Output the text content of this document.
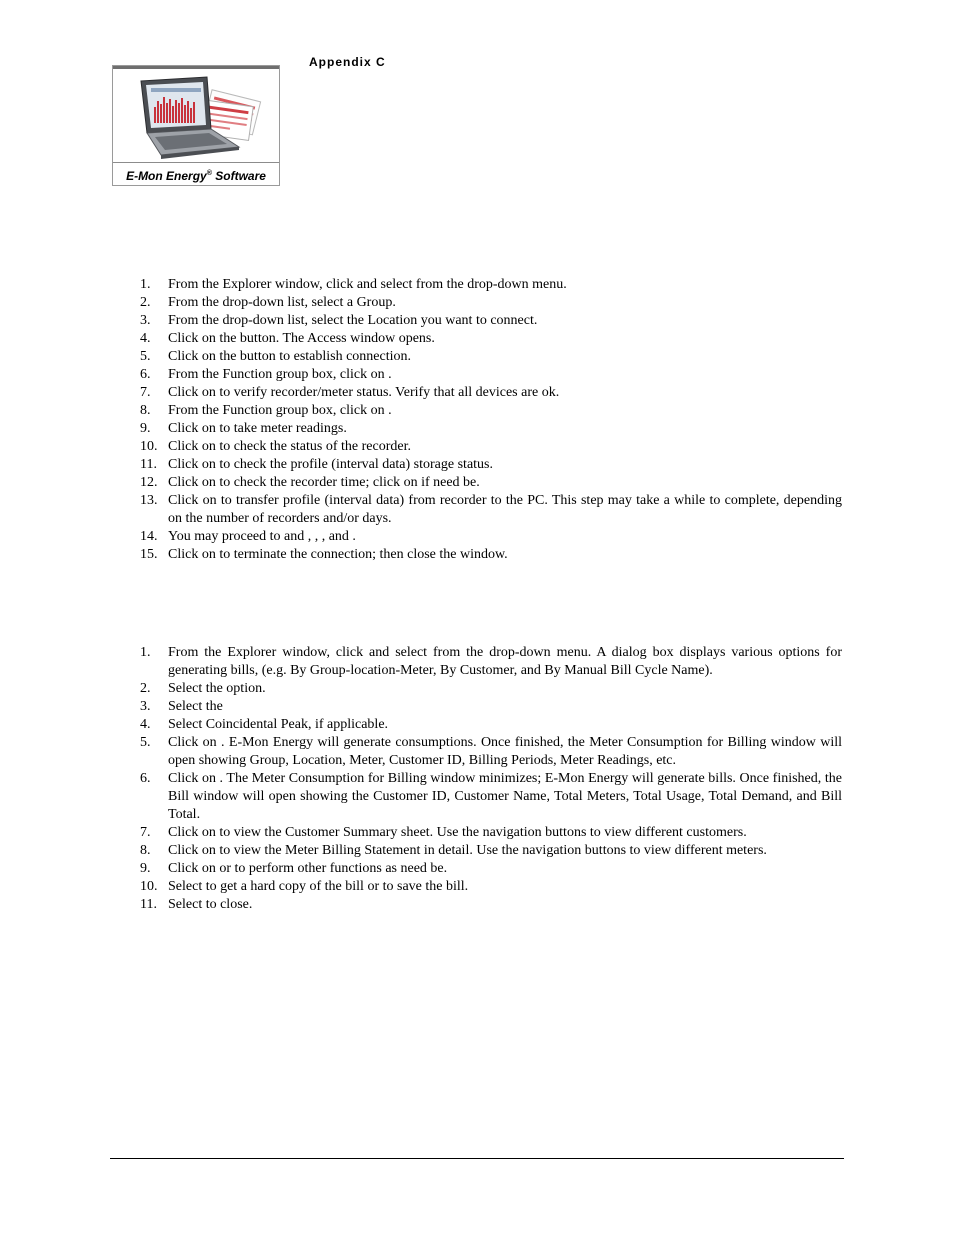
Appendix C
E-Mon Energy® Software
1.	From the Explorer window, click and select from the drop-down menu.
2.	From the drop-down list, select a Group.
3.	From the drop-down list, select the Location you want to connect.
4.	Click on the button. The Access window opens.
5.	Click on the button to establish connection.
6.	From the Function group box, click on .
7.	Click on to verify recorder/meter status. Verify that all devices are ok.
8.	From the Function group box, click on .
9.	Click on to take meter readings.
10. Click on to check the status of the recorder.
11. Click on to check the profile (interval data) storage status.
12. Click on to check the recorder time; click on if need be.
13. Click on to transfer profile (interval data) from recorder to the PC. This step may take a while to complete, depending on the number of recorders and/or days.
14. You may proceed to and , , , and .
15. Click on to terminate the connection; then close the window.
1.	From the Explorer window, click and select from the drop-down menu. A dialog box displays various options for generating bills, (e.g. By Group-location-Meter, By Customer, and By Manual Bill Cycle Name).
2.	Select the option.
3.	Select the
4.	Select Coincidental Peak, if applicable.
5.	Click on . E-Mon Energy will generate consumptions. Once finished, the Meter Consumption for Billing window will open showing Group, Location, Meter, Customer ID, Billing Periods, Meter Readings, etc.
6.	Click on . The Meter Consumption for Billing window minimizes; E-Mon Energy will generate bills. Once finished, the Bill window will open showing the Customer ID, Customer Name, Total Meters, Total Usage, Total Demand, and Bill Total.
7.	Click on to view the Customer Summary sheet. Use the navigation buttons to view different customers.
8.	Click on to view the Meter Billing Statement in detail. Use the navigation buttons to view different meters.
9.	Click on or to perform other functions as need be.
10. Select to get a hard copy of the bill or to save the bill.
11. Select to close.
